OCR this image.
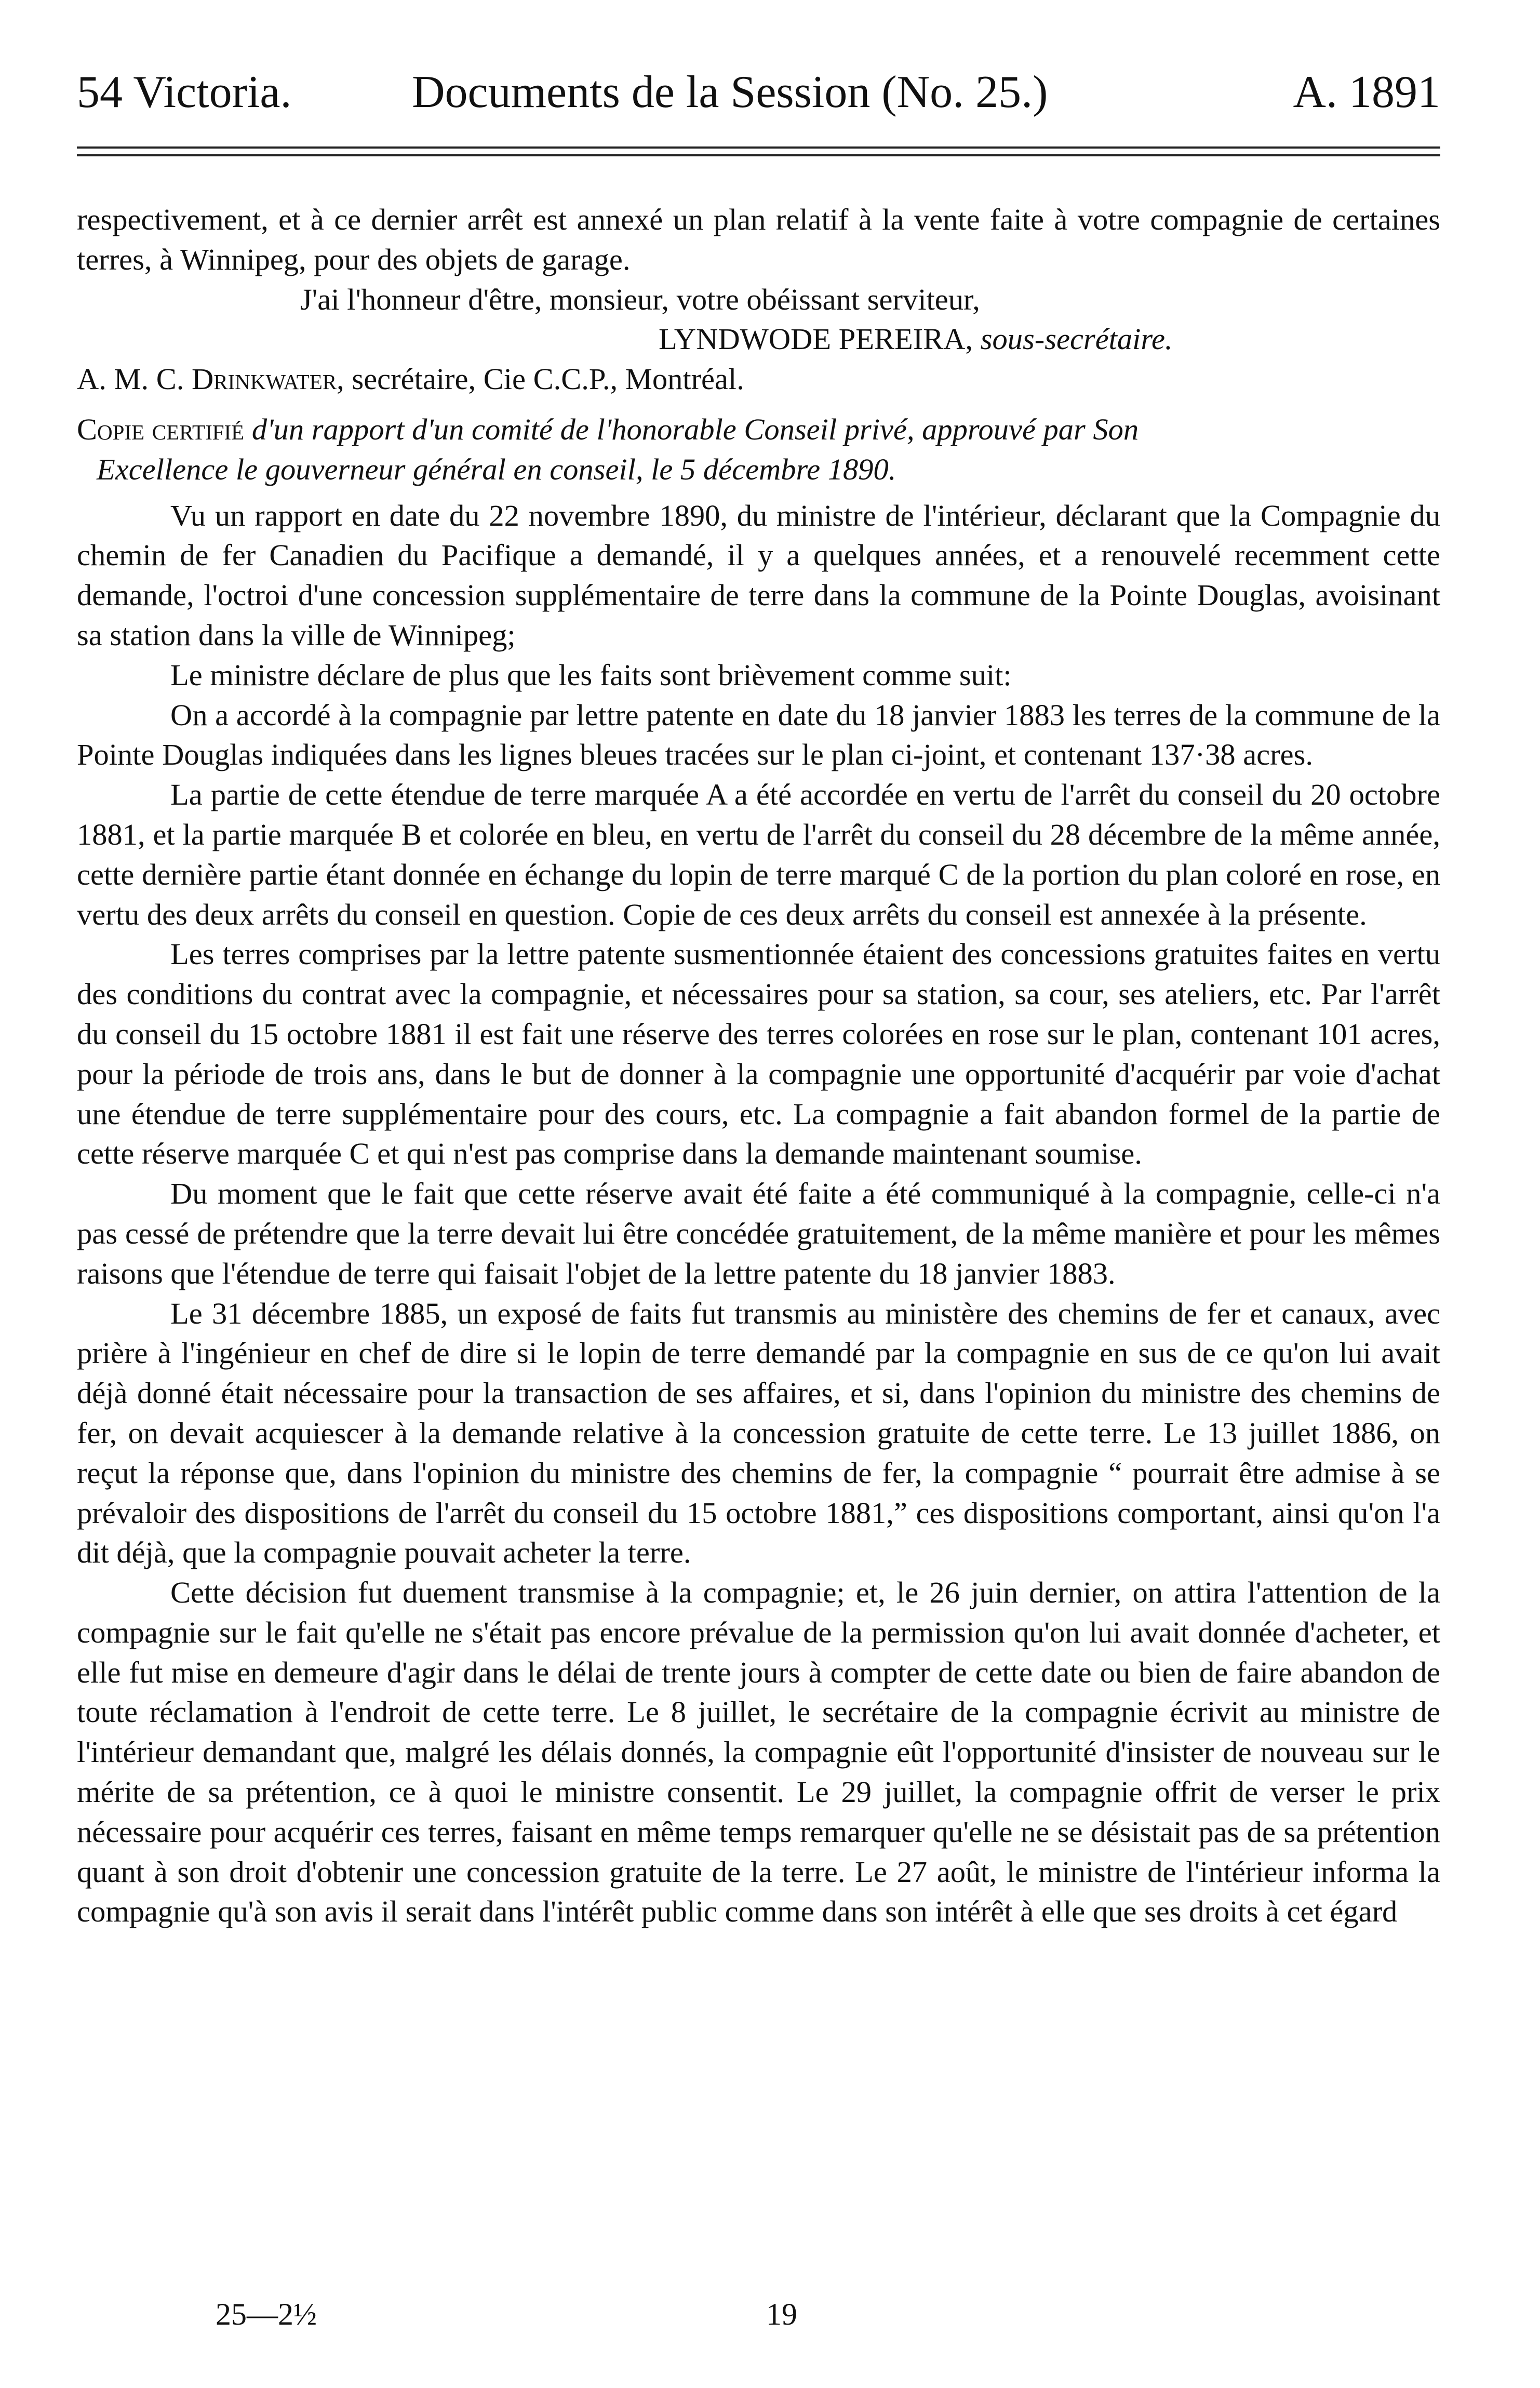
54 Victoria.	Documents de la Session (No. 25.)	A. 1891

respectivement, et à ce dernier arrêt est annexé un plan relatif à la vente faite à votre compagnie de certaines terres, à Winnipeg, pour des objets de garage.

J'ai l'honneur d'être, monsieur, votre obéissant serviteur,

LYNDWODE PEREIRA, sous-secrétaire.

A. M. C. Drinkwater, secrétaire, Cie C.C.P., Montréal.

Copie certifié d'un rapport d'un comité de l'honorable Conseil privé, approuvé par Son
Excellence le gouverneur général en conseil, le 5 décembre 1890.

Vu un rapport en date du 22 novembre 1890, du ministre de l'intérieur, déclarant que la Compagnie du chemin de fer Canadien du Pacifique a demandé, il y a quelques années, et a renouvelé recemment cette demande, l'octroi d'une concession supplémentaire de terre dans la commune de la Pointe Douglas, avoisinant sa station dans la ville de Winnipeg;

Le ministre déclare de plus que les faits sont brièvement comme suit:

On a accordé à la compagnie par lettre patente en date du 18 janvier 1883 les terres de la commune de la Pointe Douglas indiquées dans les lignes bleues tracées sur le plan ci-joint, et contenant 137·38 acres.

La partie de cette étendue de terre marquée A a été accordée en vertu de l'arrêt du conseil du 20 octobre 1881, et la partie marquée B et colorée en bleu, en vertu de l'arrêt du conseil du 28 décembre de la même année, cette dernière partie étant donnée en échange du lopin de terre marqué C de la portion du plan coloré en rose, en vertu des deux arrêts du conseil en question. Copie de ces deux arrêts du conseil est annexée à la présente.

Les terres comprises par la lettre patente susmentionnée étaient des concessions gratuites faites en vertu des conditions du contrat avec la compagnie, et nécessaires pour sa station, sa cour, ses ateliers, etc. Par l'arrêt du conseil du 15 octobre 1881 il est fait une réserve des terres colorées en rose sur le plan, contenant 101 acres, pour la période de trois ans, dans le but de donner à la compagnie une opportunité d'acquérir par voie d'achat une étendue de terre supplémentaire pour des cours, etc. La compagnie a fait abandon formel de la partie de cette réserve marquée C et qui n'est pas comprise dans la demande maintenant soumise.

Du moment que le fait que cette réserve avait été faite a été communiqué à la compagnie, celle-ci n'a pas cessé de prétendre que la terre devait lui être concédée gratuitement, de la même manière et pour les mêmes raisons que l'étendue de terre qui faisait l'objet de la lettre patente du 18 janvier 1883.

Le 31 décembre 1885, un exposé de faits fut transmis au ministère des chemins de fer et canaux, avec prière à l'ingénieur en chef de dire si le lopin de terre demandé par la compagnie en sus de ce qu'on lui avait déjà donné était nécessaire pour la transaction de ses affaires, et si, dans l'opinion du ministre des chemins de fer, on devait acquiescer à la demande relative à la concession gratuite de cette terre. Le 13 juillet 1886, on reçut la réponse que, dans l'opinion du ministre des chemins de fer, la compagnie “ pourrait être admise à se prévaloir des dispositions de l'arrêt du conseil du 15 octobre 1881,” ces dispositions comportant, ainsi qu'on l'a dit déjà, que la compagnie pouvait acheter la terre.

Cette décision fut duement transmise à la compagnie; et, le 26 juin dernier, on attira l'attention de la compagnie sur le fait qu'elle ne s'était pas encore prévalue de la permission qu'on lui avait donnée d'acheter, et elle fut mise en demeure d'agir dans le délai de trente jours à compter de cette date ou bien de faire abandon de toute réclamation à l'endroit de cette terre. Le 8 juillet, le secrétaire de la compagnie écrivit au ministre de l'intérieur demandant que, malgré les délais donnés, la compagnie eût l'opportunité d'insister de nouveau sur le mérite de sa prétention, ce à quoi le ministre consentit. Le 29 juillet, la compagnie offrit de verser le prix nécessaire pour acquérir ces terres, faisant en même temps remarquer qu'elle ne se désistait pas de sa prétention quant à son droit d'obtenir une concession gratuite de la terre. Le 27 août, le ministre de l'intérieur informa la compagnie qu'à son avis il serait dans l'intérêt public comme dans son intérêt à elle que ses droits à cet égard

25—2½	19
